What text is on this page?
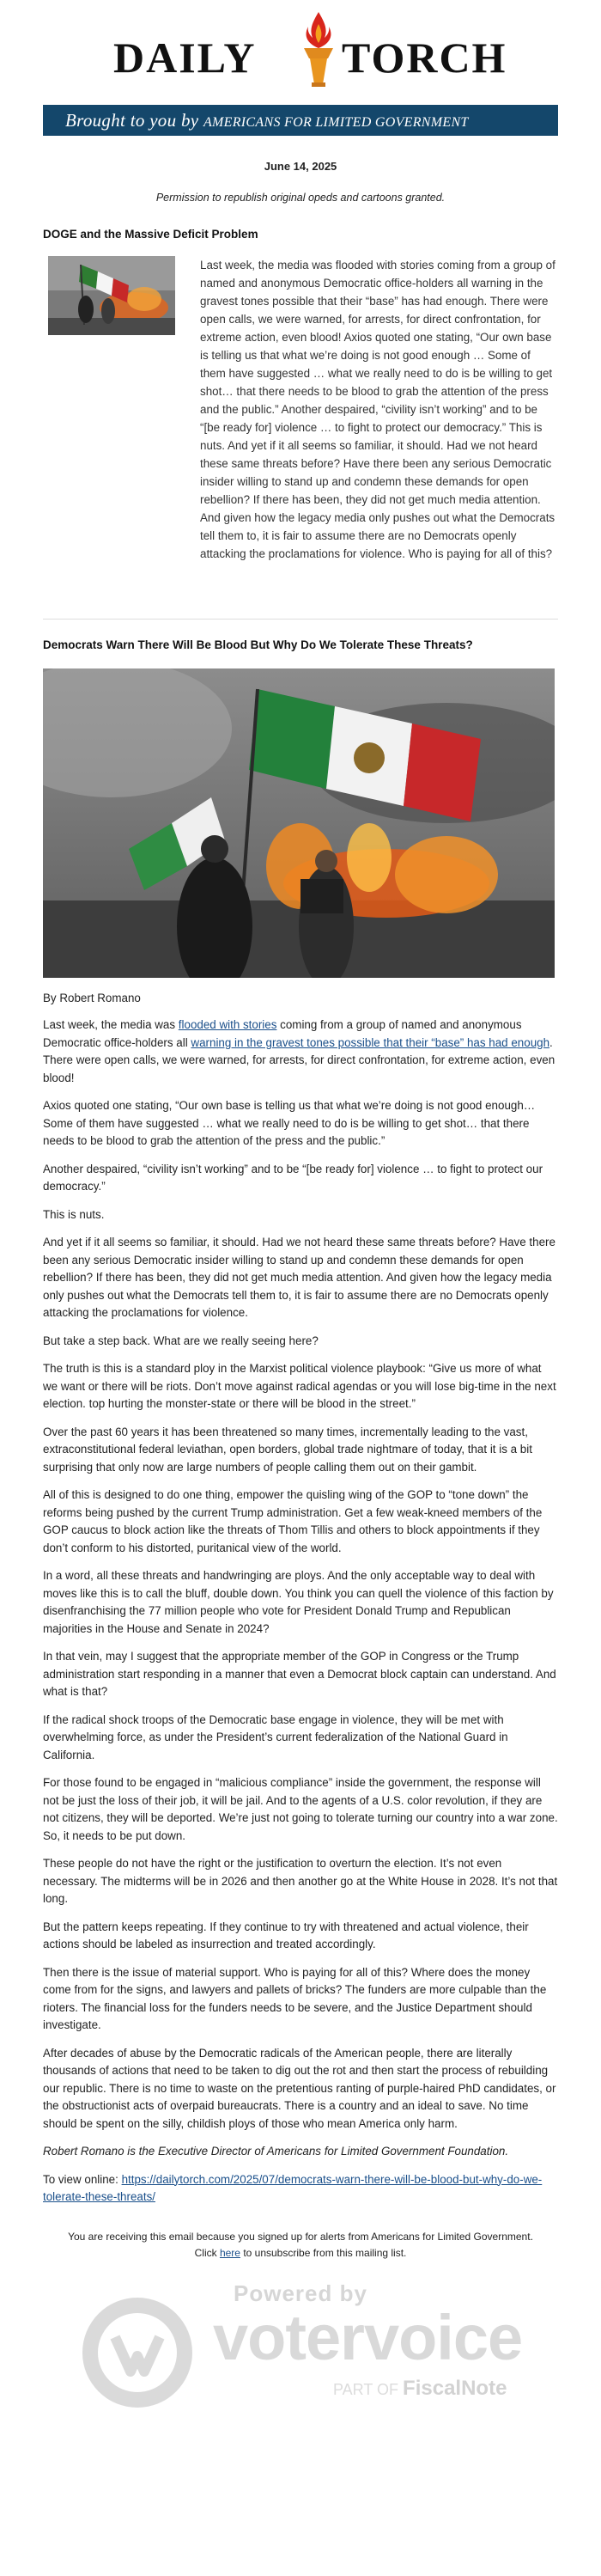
DAILY TORCH
Brought to you by AMERICANS FOR LIMITED GOVERNMENT
June 14, 2025
Permission to republish original opeds and cartoons granted.
DOGE and the Massive Deficit Problem
Last week, the media was flooded with stories coming from a group of named and anonymous Democratic office-holders all warning in the gravest tones possible that their “base” has had enough. There were open calls, we were warned, for arrests, for direct confrontation, for extreme action, even blood! Axios quoted one stating, “Our own base is telling us that what we’re doing is not good enough … Some of them have suggested … what we really need to do is be willing to get shot… that there needs to be blood to grab the attention of the press and the public.” Another despaired, “civility isn’t working” and to be “[be ready for] violence … to fight to protect our democracy.” This is nuts. And yet if it all seems so familiar, it should. Had we not heard these same threats before? Have there been any serious Democratic insider willing to stand up and condemn these demands for open rebellion? If there has been, they did not get much media attention. And given how the legacy media only pushes out what the Democrats tell them to, it is fair to assume there are no Democrats openly attacking the proclamations for violence. Who is paying for all of this?
Democrats Warn There Will Be Blood But Why Do We Tolerate These Threats?
By Robert Romano

Last week, the media was flooded with stories coming from a group of named and anonymous Democratic office-holders all warning in the gravest tones possible that their “base” has had enough. There were open calls, we were warned, for arrests, for direct confrontation, for extreme action, even blood!

Axios quoted one stating, “Our own base is telling us that what we’re doing is not good enough… Some of them have suggested … what we really need to do is be willing to get shot… that there needs to be blood to grab the attention of the press and the public.”

Another despaired, “civility isn’t working” and to be “[be ready for] violence … to fight to protect our democracy.”

This is nuts.

And yet if it all seems so familiar, it should. Had we not heard these same threats before? Have there been any serious Democratic insider willing to stand up and condemn these demands for open rebellion? If there has been, they did not get much media attention. And given how the legacy media only pushes out what the Democrats tell them to, it is fair to assume there are no Democrats openly attacking the proclamations for violence.

But take a step back. What are we really seeing here?

The truth is this is a standard ploy in the Marxist political violence playbook: “Give us more of what we want or there will be riots. Don’t move against radical agendas or you will lose big-time in the next election. top hurting the monster-state or there will be blood in the street.”

Over the past 60 years it has been threatened so many times, incrementally leading to the vast, extraconstitutional federal leviathan, open borders, global trade nightmare of today, that it is a bit surprising that only now are large numbers of people calling them out on their gambit.

All of this is designed to do one thing, empower the quisling wing of the GOP to “tone down” the reforms being pushed by the current Trump administration. Get a few weak-kneed members of the GOP caucus to block action like the threats of Thom Tillis and others to block appointments if they don’t conform to his distorted, puritanical view of the world.

In a word, all these threats and handwringing are ploys. And the only acceptable way to deal with moves like this is to call the bluff, double down. You think you can quell the violence of this faction by disenfranchising the 77 million people who vote for President Donald Trump and Republican majorities in the House and Senate in 2024?

In that vein, may I suggest that the appropriate member of the GOP in Congress or the Trump administration start responding in a manner that even a Democrat block captain can understand. And what is that?

If the radical shock troops of the Democratic base engage in violence, they will be met with overwhelming force, as under the President’s current federalization of the National Guard in California.

For those found to be engaged in “malicious compliance” inside the government, the response will not be just the loss of their job, it will be jail. And to the agents of a U.S. color revolution, if they are not citizens, they will be deported. We’re just not going to tolerate turning our country into a war zone. So, it needs to be put down.

These people do not have the right or the justification to overturn the election. It’s not even necessary. The midterms will be in 2026 and then another go at the White House in 2028. It’s not that long.

But the pattern keeps repeating. If they continue to try with threatened and actual violence, their actions should be labeled as insurrection and treated accordingly.

Then there is the issue of material support. Who is paying for all of this? Where does the money come from for the signs, and lawyers and pallets of bricks? The funders are more culpable than the rioters. The financial loss for the funders needs to be severe, and the Justice Department should investigate.

After decades of abuse by the Democratic radicals of the American people, there are literally thousands of actions that need to be taken to dig out the rot and then start the process of rebuilding our republic. There is no time to waste on the pretentious ranting of purple-haired PhD candidates, or the obstructionist acts of overpaid bureaucrats. There is a country and an ideal to save. No time should be spent on the silly, childish ploys of those who mean America only harm.

Robert Romano is the Executive Director of Americans for Limited Government Foundation.

To view online: https://dailytorch.com/2025/07/democrats-warn-there-will-be-blood-but-why-do-we-tolerate-these-threats/

You are receiving this email because you signed up for alerts from Americans for Limited Government.
Click here to unsubscribe from this mailing list.
Powered by
votervoice
PART OF FiscalNote
